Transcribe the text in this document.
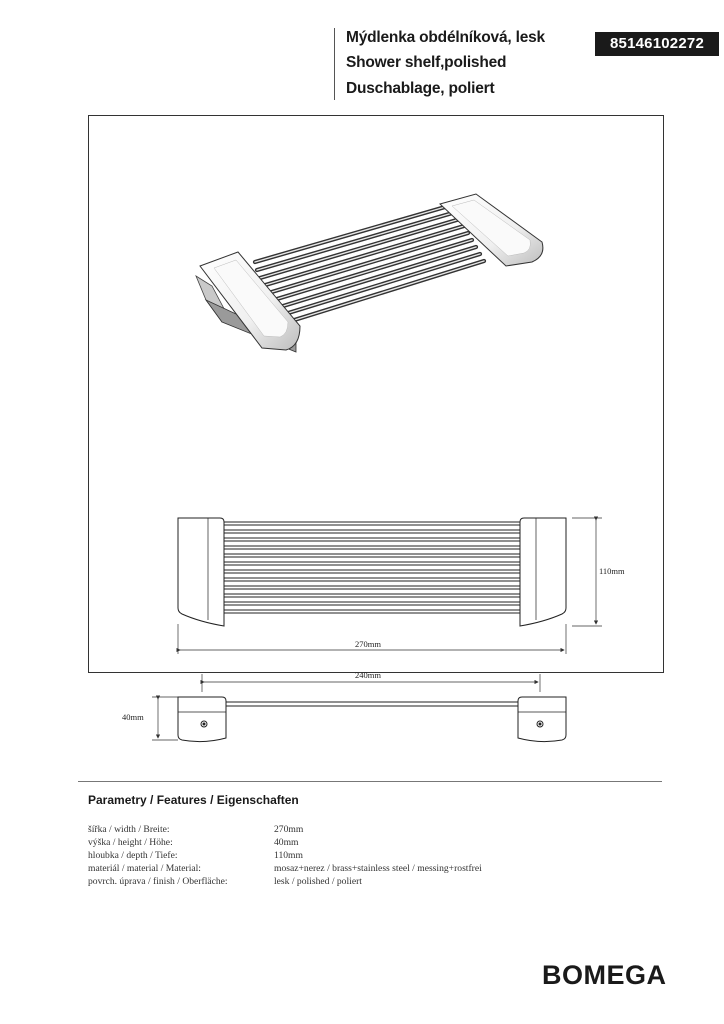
Mýdlenka obdélníková, lesk
Shower shelf,polished
Duschablage, poliert
85146102272
110mm
270mm
240mm
40mm
Parametry / Features / Eigenschaften
šířka / width / Breite:	270mm
výška / height / Höhe:	40mm
hloubka / depth / Tiefe:	110mm
materiál / material / Material:	mosaz+nerez / brass+stainless steel / messing+rostfrei
povrch. úprava / finish / Oberfläche:	lesk / polished / poliert
BOMEGA
